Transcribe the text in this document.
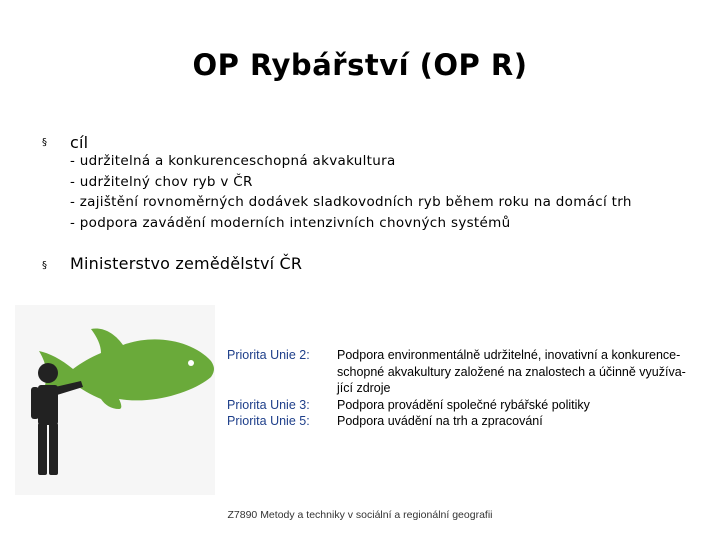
OP Rybářství (OP R)
§ cíl
- udržitelná a konkurenceschopná akvakultura
- udržitelný chov ryb v ČR
- zajištění rovnoměrných dodávek sladkovodních ryb během roku na domácí trh
- podpora zavádění moderních intenzivních chovných systémů
§ Ministerstvo zemědělství ČR
Priorita Unie 2:
Priorita Unie 3:
Priorita Unie 5:
Podpora environmentálně udržitelné, inovativní a konkurence-
schopné akvakultury založené na znalostech a účinně využíva-
jící zdroje
Podpora provádění společné rybářské politiky
Podpora uvádění na trh a zpracování
Z7890 Metody a techniky v sociální a regionální geografii
